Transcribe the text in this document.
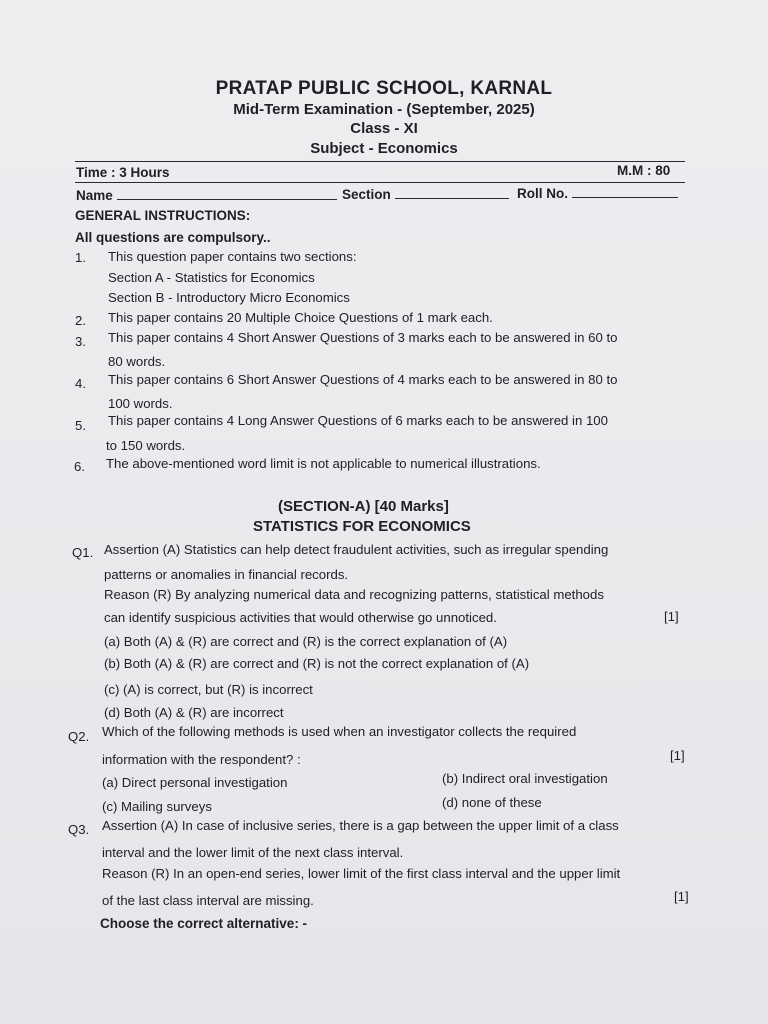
PRATAP PUBLIC SCHOOL, KARNAL
Mid-Term Examination - (September, 2025)
Class - XI
Subject - Economics
Time : 3 Hours	M.M : 80
Name	Section	Roll No.
GENERAL INSTRUCTIONS:
All questions are compulsory..
1. This question paper contains two sections:
Section A - Statistics for Economics
Section B - Introductory Micro Economics
2. This paper contains 20 Multiple Choice Questions of 1 mark each.
3. This paper contains 4 Short Answer Questions of 3 marks each to be answered in 60 to
80 words.
4. This paper contains 6 Short Answer Questions of 4 marks each to be answered in 80 to
100 words.
5. This paper contains 4 Long Answer Questions of 6 marks each to be answered in 100
to 150 words.
6. The above-mentioned word limit is not applicable to numerical illustrations.
(SECTION-A) [40 Marks]
STATISTICS FOR ECONOMICS
Q1. Assertion (A) Statistics can help detect fraudulent activities, such as irregular spending
patterns or anomalies in financial records.
Reason (R) By analyzing numerical data and recognizing patterns, statistical methods
can identify suspicious activities that would otherwise go unnoticed.	[1]
(a) Both (A) & (R) are correct and (R) is the correct explanation of (A)
(b) Both (A) & (R) are correct and (R) is not the correct explanation of (A)
(c) (A) is correct, but (R) is incorrect
(d) Both (A) & (R) are incorrect
Q2. Which of the following methods is used when an investigator collects the required
information with the respondent? :	[1]
(a) Direct personal investigation	(b) Indirect oral investigation
(c) Mailing surveys	(d) none of these
Q3. Assertion (A) In case of inclusive series, there is a gap between the upper limit of a class
interval and the lower limit of the next class interval.
Reason (R) In an open-end series, lower limit of the first class interval and the upper limit
of the last class interval are missing.	[1]
Choose the correct alternative: -
